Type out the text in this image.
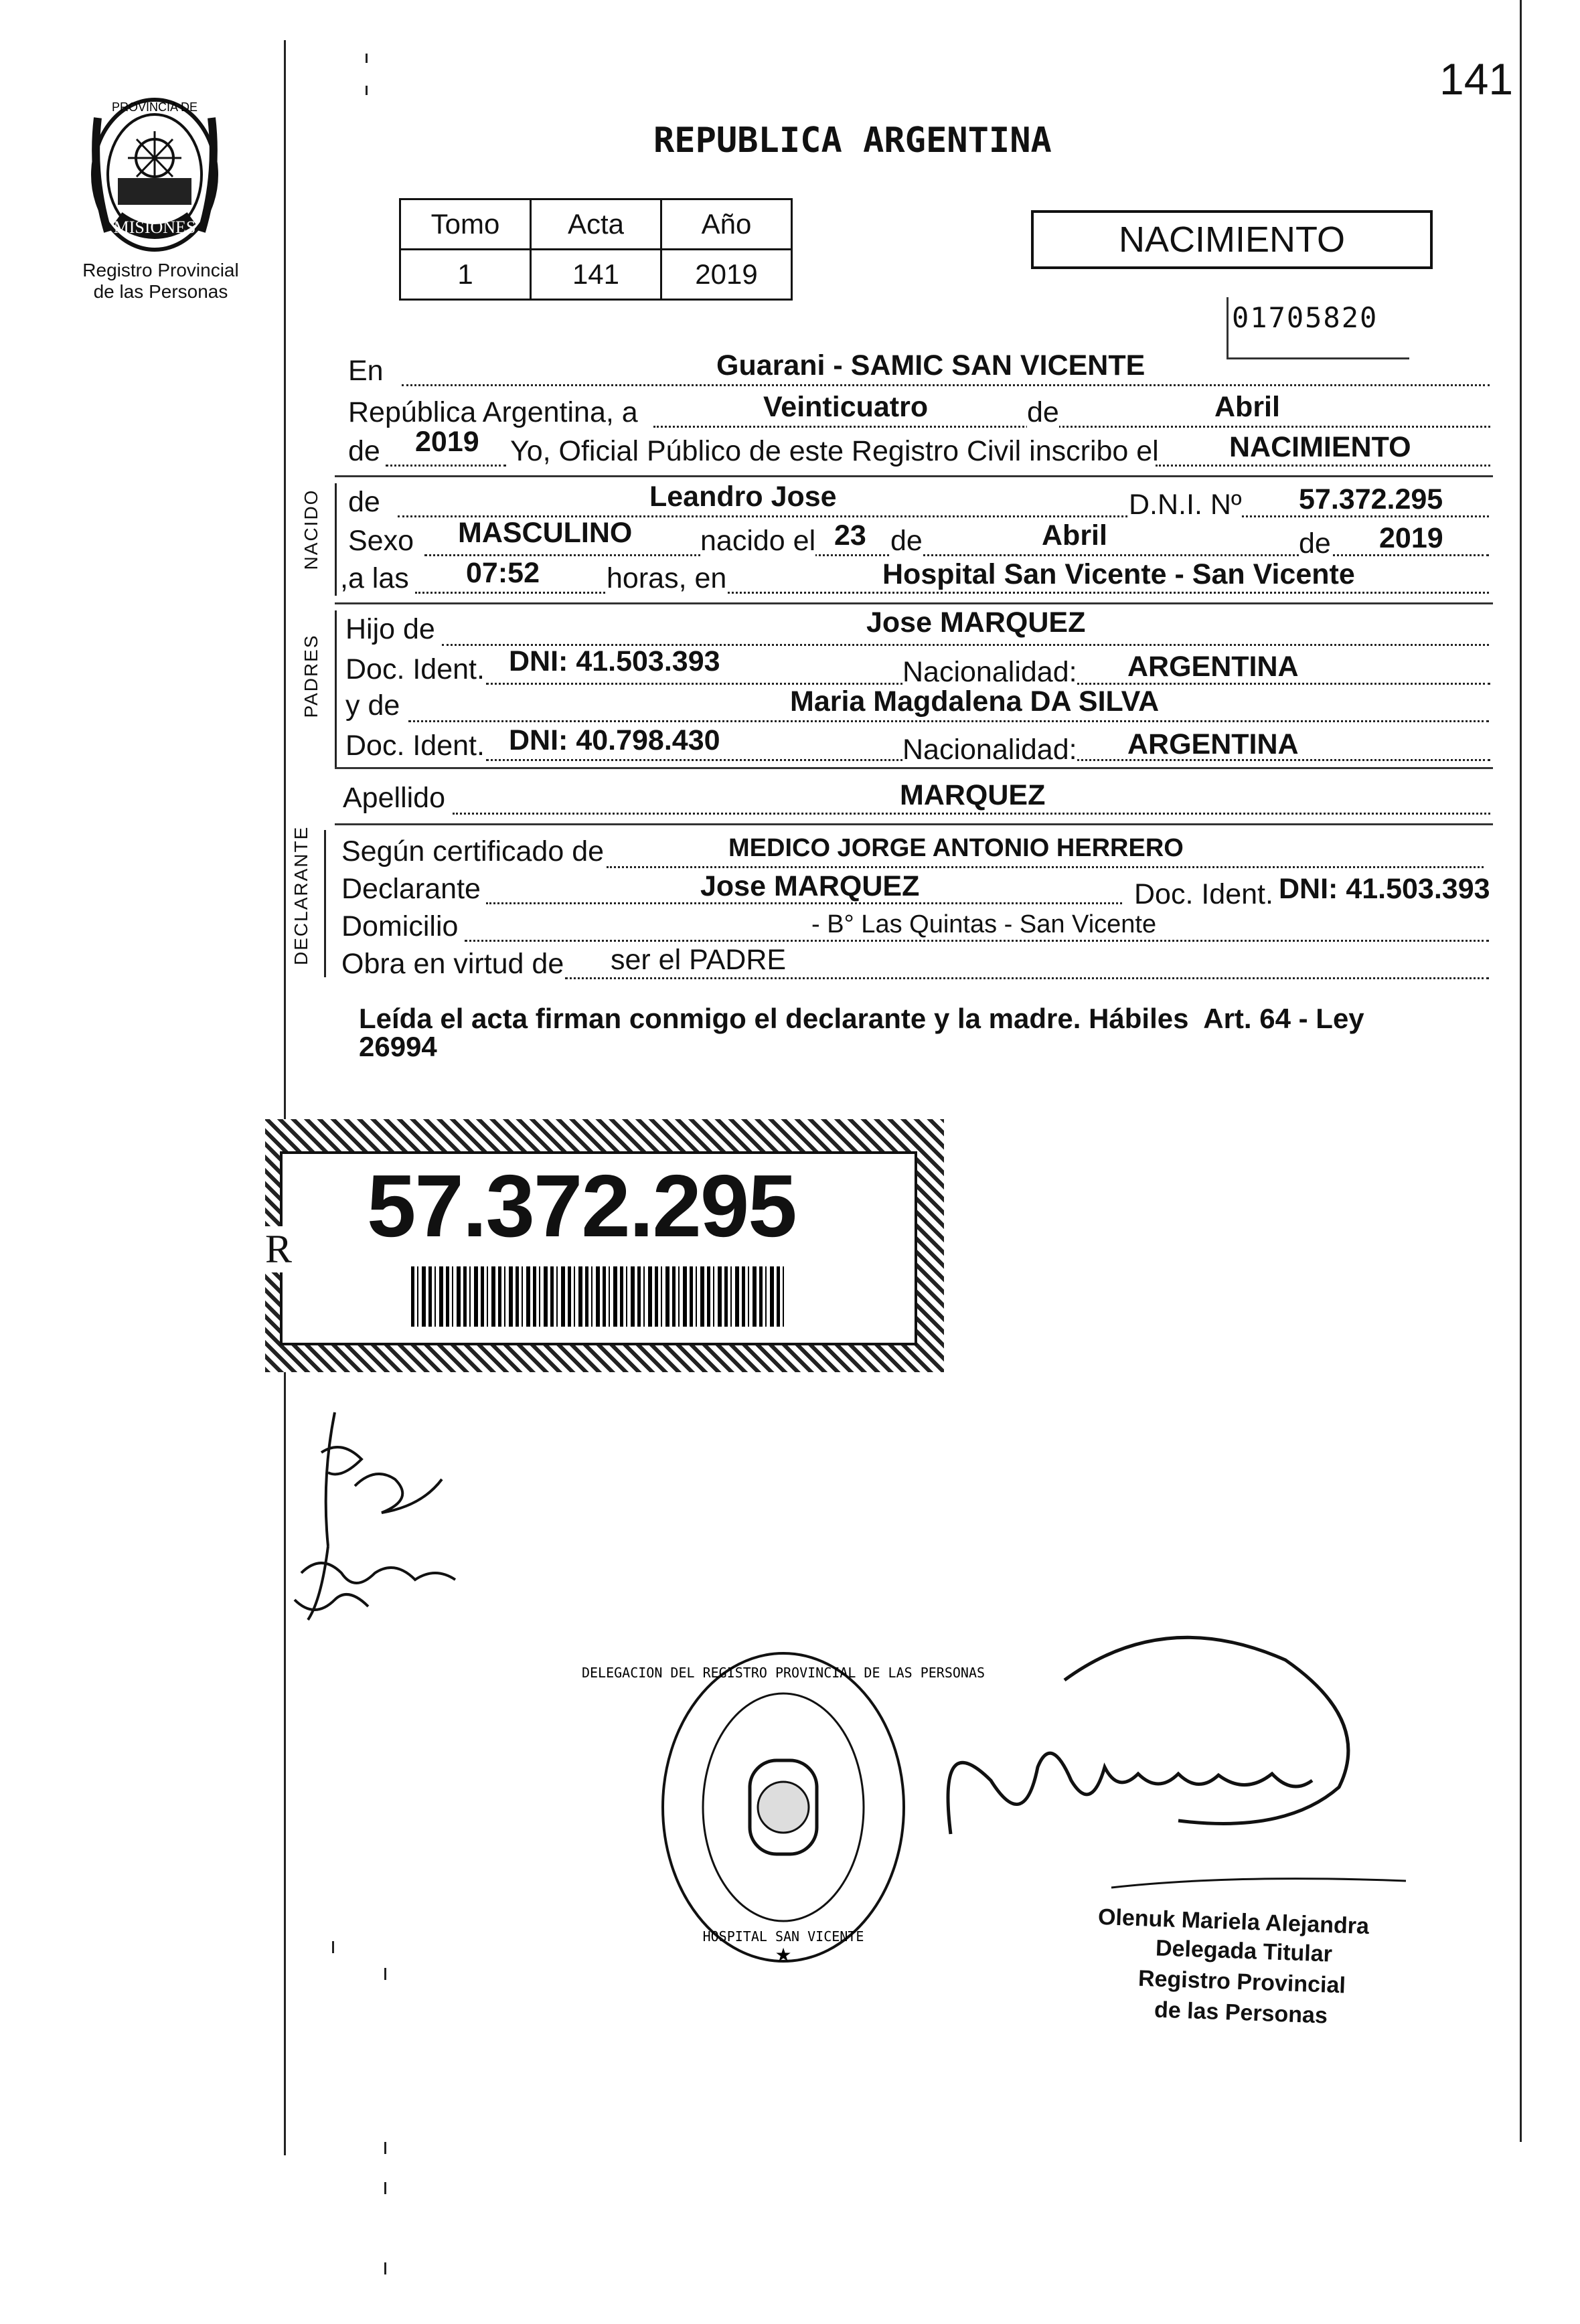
141
PROVINCIA DE
MISIONES
Registro Provincial
de las Personas
REPUBLICA ARGENTINA
Tomo	Acta	Año
1	141	2019
NACIMIENTO
01705820
En	Guarani - SAMIC SAN VICENTE
República Argentina, a	Veinticuatro	de	Abril
de 2019 Yo, Oficial Público de este Registro Civil inscribo el NACIMIENTO
NACIDO de	Leandro Jose	D.N.I. Nº 57.372.295
Sexo MASCULINO nacido el 23 de	Abril	de 2019
,a las 07:52 horas, en	Hospital San Vicente - San Vicente
PADRES
Hijo de	Jose MARQUEZ
Doc. Ident. DNI: 41.503.393	Nacionalidad: ARGENTINA
y de	Maria Magdalena DA SILVA
Doc. Ident. DNI: 40.798.430	Nacionalidad: ARGENTINA
Apellido	MARQUEZ
DECLARANTE Según certificado de	MEDICO JORGE ANTONIO HERRERO
Declarante	Jose MARQUEZ	Doc. Ident. DNI: 41.503.393
Domicilio	- B° Las Quintas - San Vicente
Obra en virtud de ser el PADRE
Leída el acta firman conmigo el declarante y la madre. Hábiles  Art. 64 - Ley
26994
R 57.372.295
DELEGACION DEL REGISTRO PROVINCIAL DE LAS PERSONAS
HOSPITAL SAN VICENTE
★
Olenuk Mariela Alejandra
Delegada Titular
Registro Provincial
de las Personas
